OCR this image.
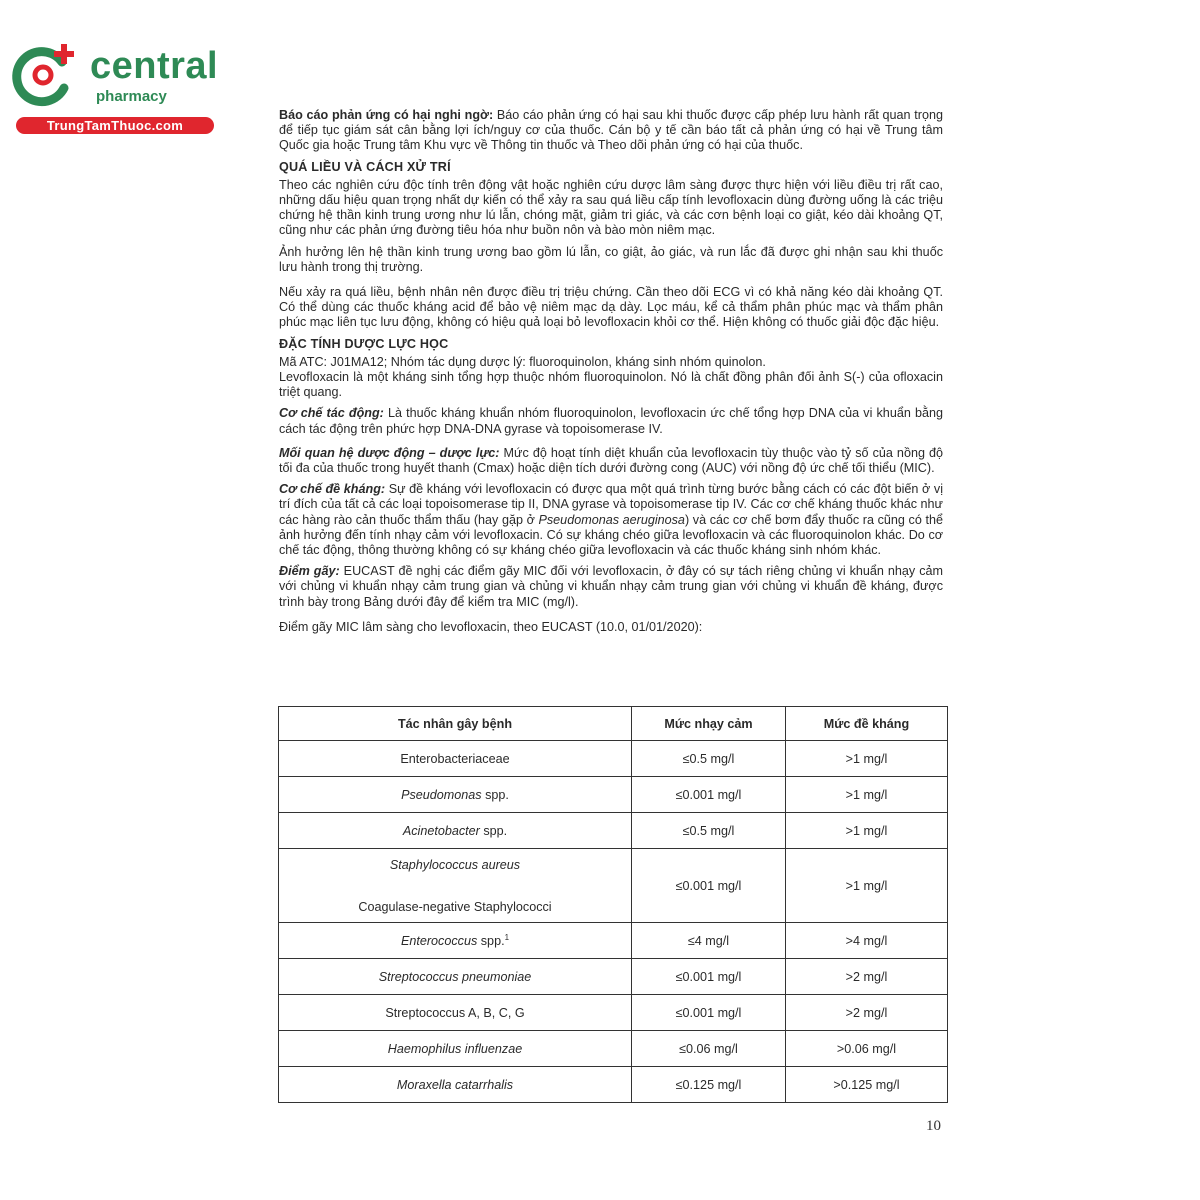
central
pharmacy
TrungTamThuoc.com

Báo cáo phản ứng có hại nghi ngờ: Báo cáo phản ứng có hại sau khi thuốc được cấp phép lưu hành rất quan trọng để tiếp tục giám sát cân bằng lợi ích/nguy cơ của thuốc. Cán bộ y tế cần báo tất cả phản ứng có hại về Trung tâm Quốc gia hoặc Trung tâm Khu vực về Thông tin thuốc và Theo dõi phản ứng có hại của thuốc.

QUÁ LIỀU VÀ CÁCH XỬ TRÍ

Theo các nghiên cứu độc tính trên động vật hoặc nghiên cứu dược lâm sàng được thực hiện với liều điều trị rất cao, những dấu hiệu quan trọng nhất dự kiến có thể xảy ra sau quá liều cấp tính levofloxacin dùng đường uống là các triệu chứng hệ thần kinh trung ương như lú lẫn, chóng mặt, giảm tri giác, và các cơn bệnh loại co giật, kéo dài khoảng QT, cũng như các phản ứng đường tiêu hóa như buồn nôn và bào mòn niêm mạc.

Ảnh hưởng lên hệ thần kinh trung ương bao gồm lú lẫn, co giật, ảo giác, và run lắc đã được ghi nhận sau khi thuốc lưu hành trong thị trường.

Nếu xảy ra quá liều, bệnh nhân nên được điều trị triệu chứng. Cần theo dõi ECG vì có khả năng kéo dài khoảng QT. Có thể dùng các thuốc kháng acid để bảo vệ niêm mạc dạ dày. Lọc máu, kể cả thẩm phân phúc mạc và thẩm phân phúc mạc liên tục lưu động, không có hiệu quả loại bỏ levofloxacin khỏi cơ thể. Hiện không có thuốc giải độc đặc hiệu.

ĐẶC TÍNH DƯỢC LỰC HỌC

Mã ATC: J01MA12; Nhóm tác dụng dược lý: fluoroquinolon, kháng sinh nhóm quinolon.

Levofloxacin là một kháng sinh tổng hợp thuộc nhóm fluoroquinolon. Nó là chất đồng phân đối ảnh S(-) của ofloxacin triệt quang.

Cơ chế tác động: Là thuốc kháng khuẩn nhóm fluoroquinolon, levofloxacin ức chế tổng hợp DNA của vi khuẩn bằng cách tác động trên phức hợp DNA-DNA gyrase và topoisomerase IV.

Mối quan hệ dược động – dược lực: Mức độ hoạt tính diệt khuẩn của levofloxacin tùy thuộc vào tỷ số của nồng độ tối đa của thuốc trong huyết thanh (Cmax) hoặc diện tích dưới đường cong (AUC) với nồng độ ức chế tối thiểu (MIC).

Cơ chế đề kháng: Sự đề kháng với levofloxacin có được qua một quá trình từng bước bằng cách có các đột biến ở vị trí đích của tất cả các loại topoisomerase tip II, DNA gyrase và topoisomerase tip IV. Các cơ chế kháng thuốc khác như các hàng rào cản thuốc thẩm thấu (hay gặp ở Pseudomonas aeruginosa) và các cơ chế bơm đẩy thuốc ra cũng có thể ảnh hưởng đến tính nhạy cảm với levofloxacin. Có sự kháng chéo giữa levofloxacin và các fluoroquinolon khác. Do cơ chế tác động, thông thường không có sự kháng chéo giữa levofloxacin và các thuốc kháng sinh nhóm khác.

Điểm gãy: EUCAST đề nghị các điểm gãy MIC đối với levofloxacin, ở đây có sự tách riêng chủng vi khuẩn nhạy cảm với chủng vi khuẩn nhạy cảm trung gian và chủng vi khuẩn nhạy cảm trung gian với chủng vi khuẩn đề kháng, được trình bày trong Bảng dưới đây để kiểm tra MIC (mg/l).

Điểm gãy MIC lâm sàng cho levofloxacin, theo EUCAST (10.0, 01/01/2020):

Tác nhân gây bệnh	Mức nhạy cảm	Mức đề kháng
Enterobacteriaceae	≤0.5 mg/l	>1 mg/l
Pseudomonas spp.	≤0.001 mg/l	>1 mg/l
Acinetobacter spp.	≤0.5 mg/l	>1 mg/l

Staphylococcus aureus
Coagulase-negative Staphylococci	≤0.001 mg/l	>1 mg/l
Enterococcus spp.$^1$	≤4 mg/l	>4 mg/l
Streptococcus pneumoniae	≤0.001 mg/l	>2 mg/l
Streptococcus A, B, C, G	≤0.001 mg/l	>2 mg/l
Haemophilus influenzae	≤0.06 mg/l	>0.06 mg/l
Moraxella catarrhalis	≤0.125 mg/l	>0.125 mg/l
10
